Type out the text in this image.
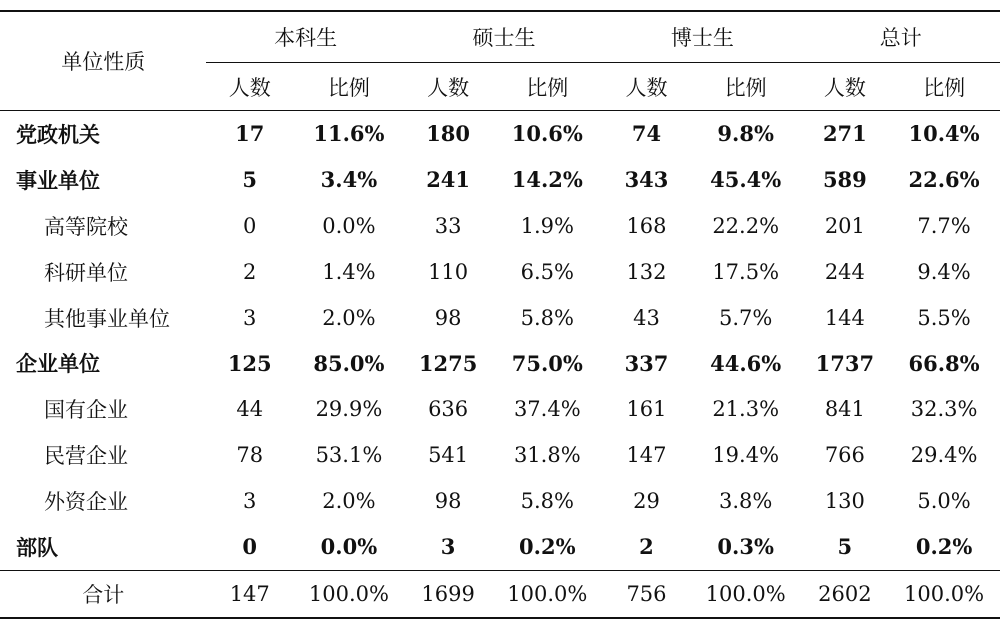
单位性质	本科生		硕士生		博士生		总计	

	人数	比例	人数	比例	人数	比例	人数	比例
党政机关	17	11.6%	180	10.6%	74	9.8%	271	10.4%
事业单位	5	3.4%	241	14.2%	343	45.4%	589	22.6%
高等院校	0	0.0%	33	1.9%	168	22.2%	201	7.7%
科研单位	2	1.4%	110	6.5%	132	17.5%	244	9.4%
其他事业单位	3	2.0%	98	5.8%	43	5.7%	144	5.5%
企业单位	125	85.0%	1275	75.0%	337	44.6%	1737	66.8%
国有企业	44	29.9%	636	37.4%	161	21.3%	841	32.3%
民营企业	78	53.1%	541	31.8%	147	19.4%	766	29.4%
外资企业	3	2.0%	98	5.8%	29	3.8%	130	5.0%
部队	0	0.0%	3	0.2%	2	0.3%	5	0.2%
合计	147	100.0%	1699	100.0%	756	100.0%	2602	100.0%
